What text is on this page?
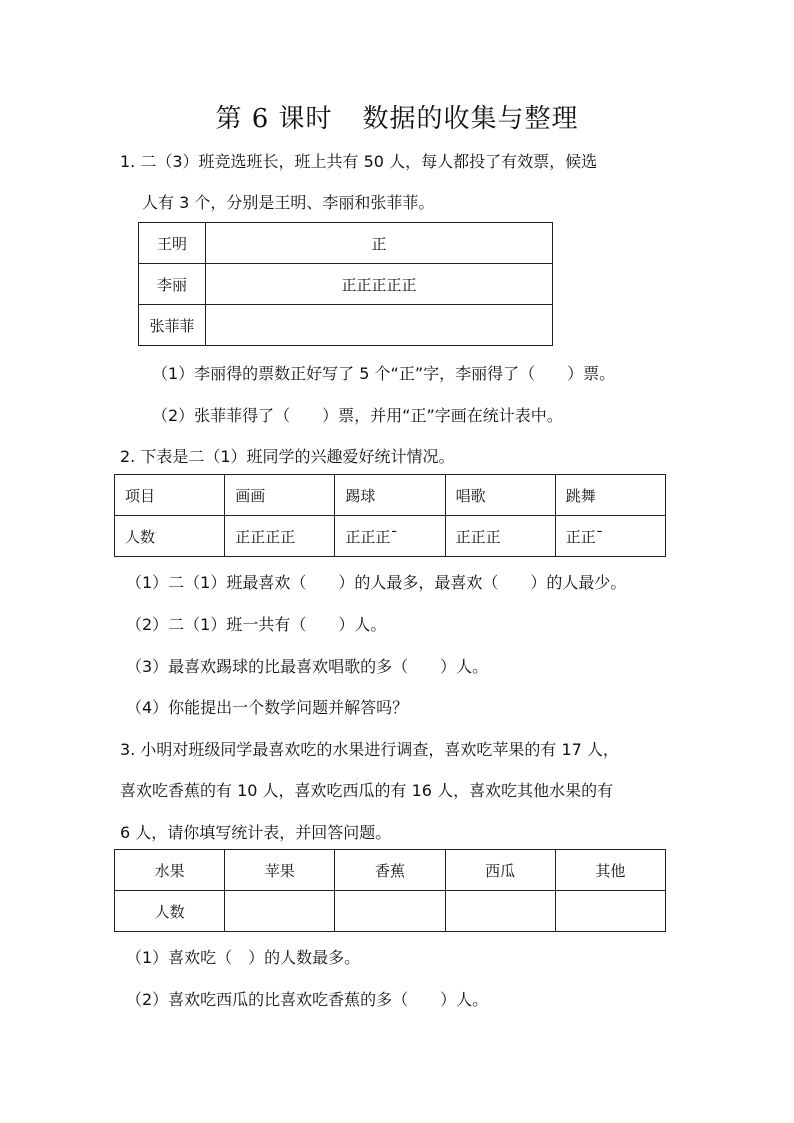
第 6 课时 数据的收集与整理
1. 二（3）班竞选班长，班上共有 50 人，每人都投了有效票，候选
人有 3 个，分别是王明、李丽和张菲菲。
王明	正
李丽	正正正正正
张菲菲	
（1）李丽得的票数正好写了 5 个“正”字，李丽得了（　　）票。
（2）张菲菲得了（　　）票，并用“正”字画在统计表中。
2. 下表是二（1）班同学的兴趣爱好统计情况。
项目	画画	踢球	唱歌	跳舞
人数	正正正正	正正正ˉ	正正正	正正ˉ
（1）二（1）班最喜欢（　　）的人最多，最喜欢（　　）的人最少。
（2）二（1）班一共有（　　）人。
（3）最喜欢踢球的比最喜欢唱歌的多（　　）人。
（4）你能提出一个数学问题并解答吗？
3. 小明对班级同学最喜欢吃的水果进行调查，喜欢吃苹果的有 17 人，
喜欢吃香蕉的有 10 人，喜欢吃西瓜的有 16 人，喜欢吃其他水果的有
6 人，请你填写统计表，并回答问题。
水果	苹果	香蕉	西瓜	其他
人数				
（1）喜欢吃（　）的人数最多。
（2）喜欢吃西瓜的比喜欢吃香蕉的多（　　）人。
